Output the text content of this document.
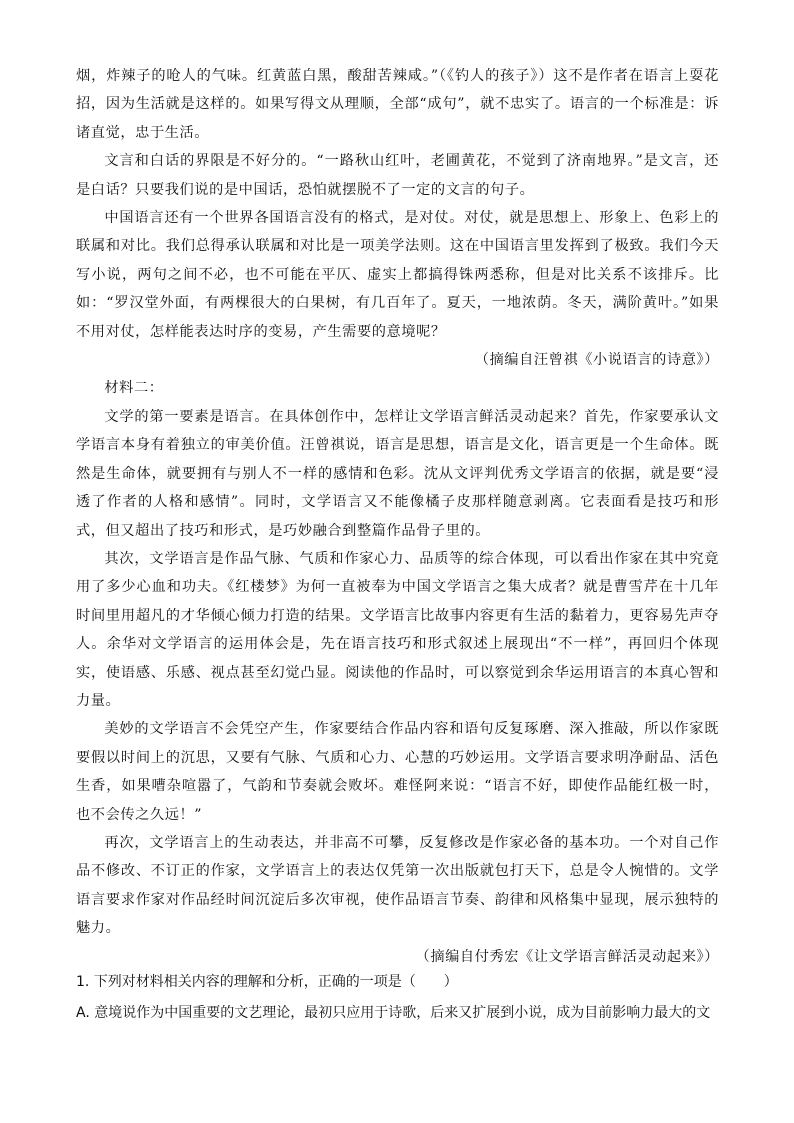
烟，炸辣子的呛人的气味。红黄蓝白黑，酸甜苦辣咸。”（《钓人的孩子》）这不是作者在语言上耍花招，因为生活就是这样的。如果写得文从理顺，全部“成句”，就不忠实了。语言的一个标准是：诉诸直觉，忠于生活。

文言和白话的界限是不好分的。“一路秋山红叶，老圃黄花，不觉到了济南地界。”是文言，还是白话？只要我们说的是中国话，恐怕就摆脱不了一定的文言的句子。

中国语言还有一个世界各国语言没有的格式，是对仗。对仗，就是思想上、形象上、色彩上的联属和对比。我们总得承认联属和对比是一项美学法则。这在中国语言里发挥到了极致。我们今天写小说，两句之间不必，也不可能在平仄、虚实上都搞得铢两悉称，但是对比关系不该排斥。比如：“罗汉堂外面，有两棵很大的白果树，有几百年了。夏天，一地浓荫。冬天，满阶黄叶。”如果不用对仗，怎样能表达时序的变易，产生需要的意境呢？

（摘编自汪曾祺《小说语言的诗意》）

材料二：

文学的第一要素是语言。在具体创作中，怎样让文学语言鲜活灵动起来？首先，作家要承认文学语言本身有着独立的审美价值。汪曾祺说，语言是思想，语言是文化，语言更是一个生命体。既然是生命体，就要拥有与别人不一样的感情和色彩。沈从文评判优秀文学语言的依据，就是要“浸透了作者的人格和感情”。同时，文学语言又不能像橘子皮那样随意剥离。它表面看是技巧和形式，但又超出了技巧和形式，是巧妙融合到整篇作品骨子里的。

其次，文学语言是作品气脉、气质和作家心力、品质等的综合体现，可以看出作家在其中究竟用了多少心血和功夫。《红楼梦》为何一直被奉为中国文学语言之集大成者？就是曹雪芹在十几年时间里用超凡的才华倾心倾力打造的结果。文学语言比故事内容更有生活的黏着力，更容易先声夺人。余华对文学语言的运用体会是，先在语言技巧和形式叙述上展现出“不一样”，再回归个体现实，使语感、乐感、视点甚至幻觉凸显。阅读他的作品时，可以察觉到余华运用语言的本真心智和力量。

美妙的文学语言不会凭空产生，作家要结合作品内容和语句反复琢磨、深入推敲，所以作家既要假以时间上的沉思，又要有气脉、气质和心力、心慧的巧妙运用。文学语言要求明净耐品、活色生香，如果嘈杂喧嚣了，气韵和节奏就会败坏。难怪阿来说：“语言不好，即使作品能红极一时，也不会传之久远！”

再次，文学语言上的生动表达，并非高不可攀，反复修改是作家必备的基本功。一个对自己作品不修改、不订正的作家，文学语言上的表达仅凭第一次出版就包打天下，总是令人惋惜的。文学语言要求作家对作品经时间沉淀后多次审视，使作品语言节奏、韵律和风格集中显现，展示独特的魅力。

（摘编自付秀宏《让文学语言鲜活灵动起来》）

1. 下列对材料相关内容的理解和分析，正确的一项是（　　）
A. 意境说作为中国重要的文艺理论，最初只应用于诗歌，后来又扩展到小说，成为目前影响力最大的文
